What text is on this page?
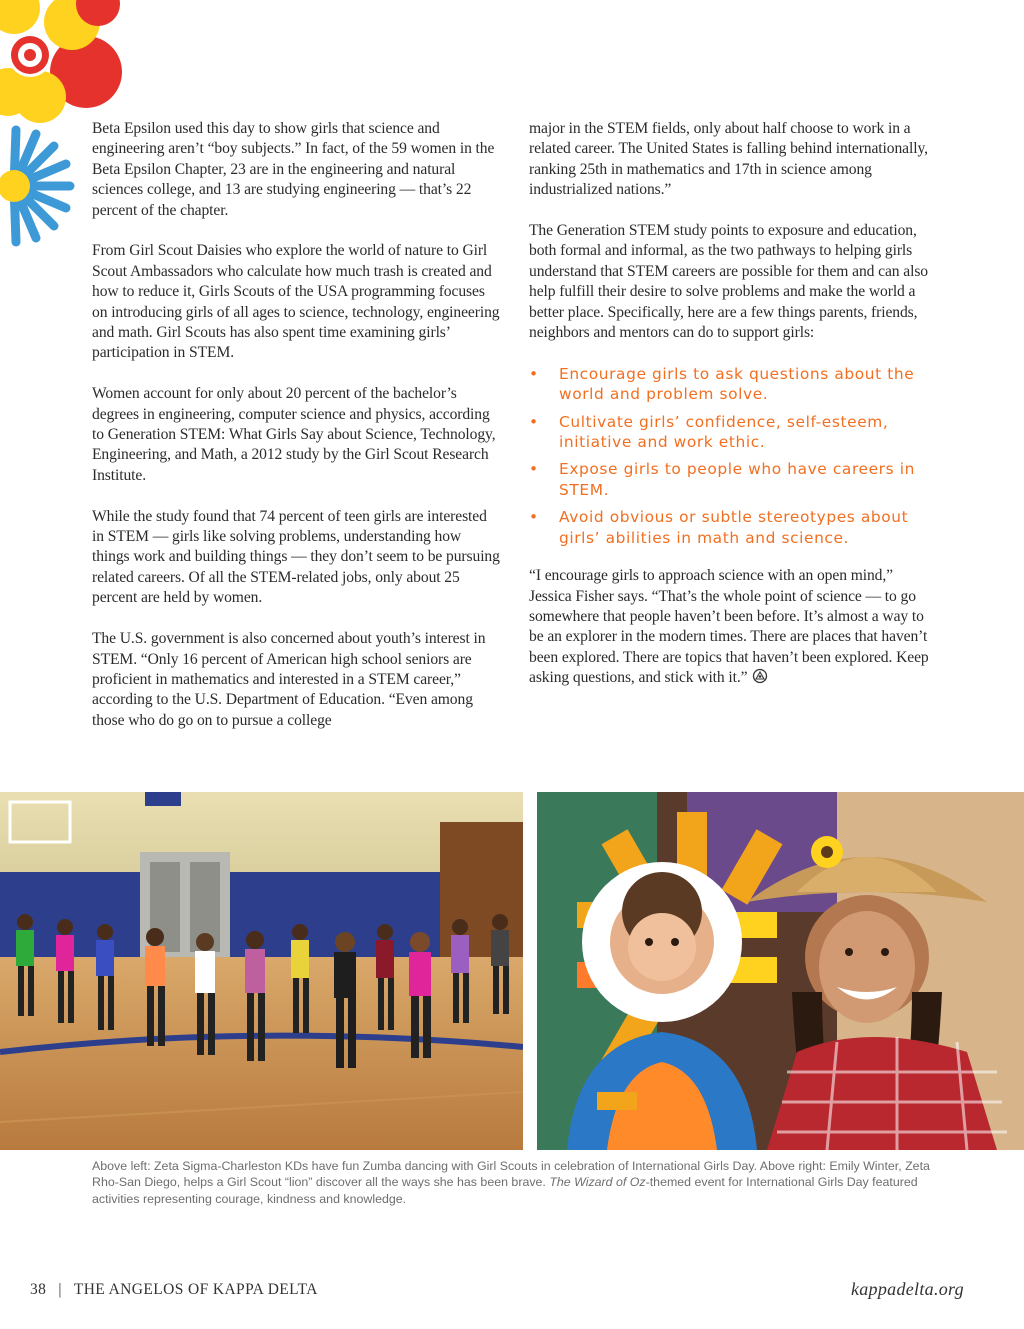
Beta Epsilon used this day to show girls that science and engineering aren’t “boy subjects.” In fact, of the 59 women in the Beta Epsilon Chapter, 23 are in the engineering and natural sciences college, and 13 are studying engineering — that’s 22 percent of the chapter.

From Girl Scout Daisies who explore the world of nature to Girl Scout Ambassadors who calculate how much trash is created and how to reduce it, Girls Scouts of the USA programming focuses on introducing girls of all ages to science, technology, engineering and math. Girl Scouts has also spent time examining girls’ participation in STEM.

Women account for only about 20 percent of the bachelor’s degrees in engineering, computer science and physics, according to Generation STEM: What Girls Say about Science, Technology, Engineering, and Math, a 2012 study by the Girl Scout Research Institute.

While the study found that 74 percent of teen girls are interested in STEM — girls like solving problems, understanding how things work and building things — they don’t seem to be pursuing related careers. Of all the STEM-related jobs, only about 25 percent are held by women.

The U.S. government is also concerned about youth’s interest in STEM. “Only 16 percent of American high school seniors are proficient in mathematics and interested in a STEM career,” according to the U.S. Department of Education. “Even among those who do go on to pursue a college

major in the STEM fields, only about half choose to work in a related career. The United States is falling behind internationally, ranking 25th in mathematics and 17th in science among industrialized nations.”

The Generation STEM study points to exposure and education, both formal and informal, as the two pathways to helping girls understand that STEM careers are possible for them and can also help fulfill their desire to solve problems and make the world a better place. Specifically, here are a few things parents, friends, neighbors and mentors can do to support girls:

• Encourage girls to ask questions about the world and problem solve.
• Cultivate girls’ confidence, self-esteem, initiative and work ethic.
• Expose girls to people who have careers in STEM.
• Avoid obvious or subtle stereotypes about girls’ abilities in math and science.

“I encourage girls to approach science with an open mind,” Jessica Fisher says. “That’s the whole point of science — to go somewhere that people haven’t been before. It’s almost a way to be an explorer in the modern times. There are places that haven’t been explored. There are topics that haven’t been explored. Keep asking questions, and stick with it.”

Above left: Zeta Sigma-Charleston KDs have fun Zumba dancing with Girl Scouts in celebration of International Girls Day. Above right: Emily Winter, Zeta Rho-San Diego, helps a Girl Scout “lion” discover all the ways she has been brave. The Wizard of Oz-themed event for International Girls Day featured activities representing courage, kindness and knowledge.
38 | THE ANGELOS OF KAPPA DELTA	kappadelta.org
